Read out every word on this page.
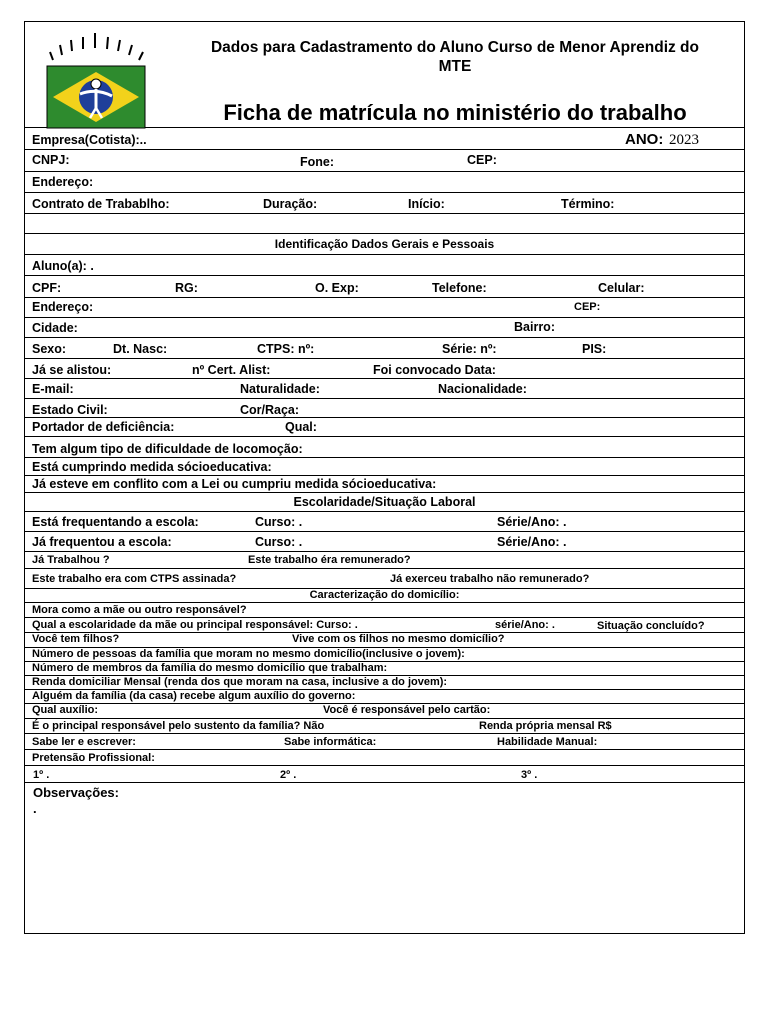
Dados para Cadastramento do Aluno Curso de Menor Aprendiz do
MTE
Ficha de matrícula no ministério do trabalho
Empresa(Cotista):..	ANO: 2023
CNPJ:	Fone:	CEP:
Endereço:
Contrato de Trabablho:	Duração:	Início:	Término:
Identificação Dados Gerais e Pessoais
Aluno(a): .
CPF:	RG:	O. Exp:	Telefone:	Celular:
Endereço:	CEP:
Cidade:	Bairro:
Sexo:	Dt. Nasc:	CTPS: nº:	Série: nº:	PIS:
Já se alistou:	nº Cert. Alist:	Foi convocado Data:
E-mail:	Naturalidade:	Nacionalidade:
Estado Civil:	Cor/Raça:
Portador de deficiência:	Qual:
Tem algum tipo de dificuldade de locomoção:
Está cumprindo medida sócioeducativa:
Já esteve em conflito com a Lei ou cumpriu medida sócioeducativa:
Escolaridade/Situação Laboral
Está frequentando a escola:	Curso: .	Série/Ano: .
Já frequentou a escola:	Curso: .	Série/Ano: .
Já Trabalhou ?	Este trabalho éra remunerado?
Este trabalho era com CTPS assinada?	Já exerceu trabalho não remunerado?
Caracterização do domicílio:
Mora como a mãe ou outro responsável?
Qual a escolaridade da mãe ou principal responsável: Curso: .	série/Ano: .	Situação concluído?
Você tem filhos?	Vive com os filhos no mesmo domicílio?
Número de pessoas da família que moram no mesmo domicílio(inclusive o jovem):
Número de membros da família do mesmo domicílio que trabalham:
Renda domiciliar Mensal (renda dos que moram na casa, inclusive a do jovem):
Alguém da família (da casa) recebe algum auxílio do governo:
Qual auxílio:	Você é responsável pelo cartão:
É o principal responsável pelo sustento da família? Não	Renda própria mensal R$
Sabe ler e escrever:	Sabe informática:	Habilidade Manual:
Pretensão Profissional:
1º .	2º .	3º .
Observações:
.
